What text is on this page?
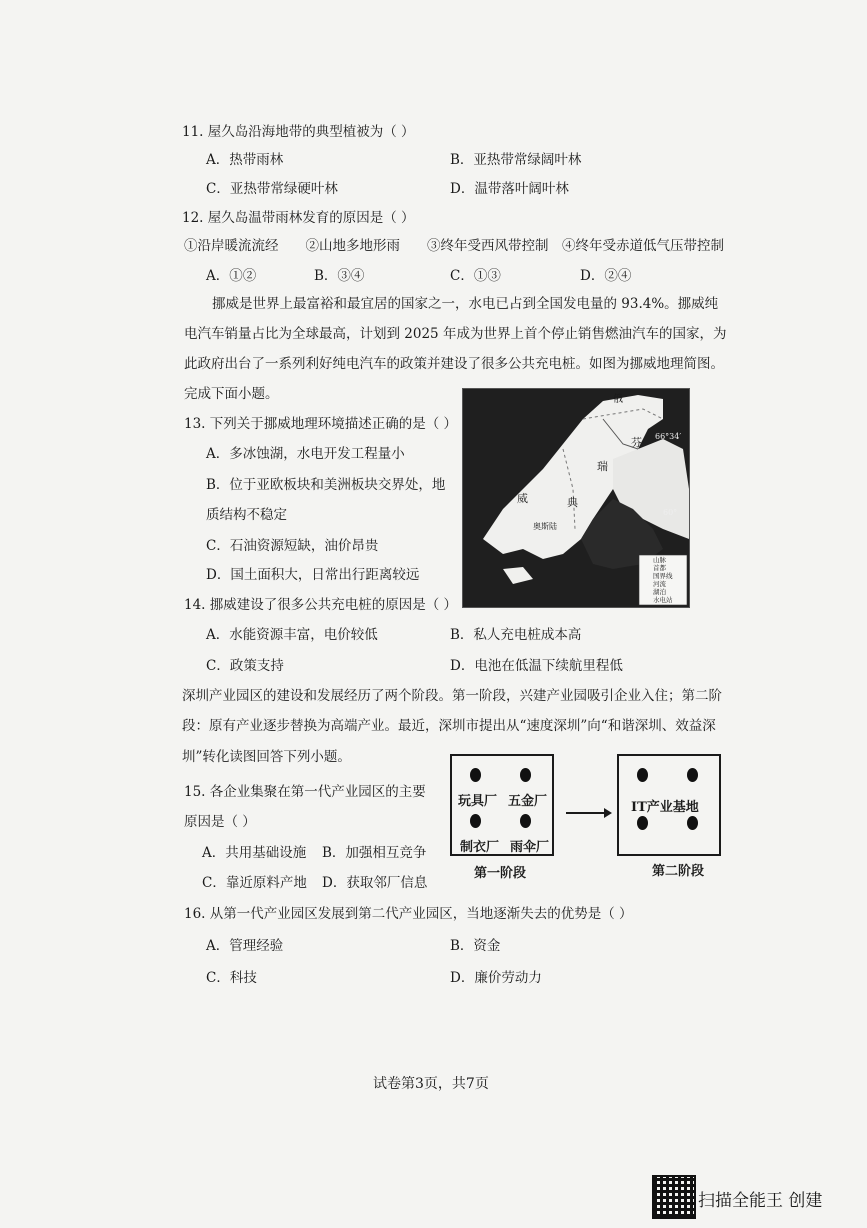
11. 屋久岛沿海地带的典型植被为（ ）
A．热带雨林	B．亚热带常绿阔叶林
C．亚热带常绿硬叶林	D．温带落叶阔叶林
12. 屋久岛温带雨林发育的原因是（ ）
①沿岸暖流流经　　②山地多地形雨　　③终年受西风带控制　④终年受赤道低气压带控制
A．①②	B．③④	C．①③	D．②④
挪威是世界上最富裕和最宜居的国家之一，水电已占到全国发电量的 93.4%。挪威纯
电汽车销量占比为全球最高，计划到 2025 年成为世界上首个停止销售燃油汽车的国家，为
此政府出台了一系列利好纯电汽车的政策并建设了很多公共充电桩。如图为挪威地理简图。
完成下面小题。	俄
芬
瑞
典
威
奥斯陆
66°34′
60°
山脉
首都
国界线
河流
湖泊
水电站
13. 下列关于挪威地理环境描述正确的是（ ）
A．多冰蚀湖，水电开发工程量小
B．位于亚欧板块和美洲板块交界处，地
质结构不稳定
C．石油资源短缺，油价昂贵
D．国土面积大，日常出行距离较远
14. 挪威建设了很多公共充电桩的原因是（ ）
A．水能资源丰富，电价较低	B．私人充电桩成本高
C．政策支持	D．电池在低温下续航里程低
深圳产业园区的建设和发展经历了两个阶段。第一阶段，兴建产业园吸引企业入住；第二阶
段：原有产业逐步替换为高端产业。最近，深圳市提出从“速度深圳”向“和谐深圳、效益深
圳”转化读图回答下列小题。
玩具厂 五金厂
制衣厂 雨伞厂
第一阶段
IT产业基地
第二阶段
15. 各企业集聚在第一代产业园区的主要
原因是（ ）
A．共用基础设施 B．加强相互竞争
C．靠近原料产地 D．获取邻厂信息
16. 从第一代产业园区发展到第二代产业园区，当地逐渐失去的优势是（ ）
A．管理经验	B．资金
C．科技	D．廉价劳动力
试卷第3页，共7页
扫描全能王 创建
